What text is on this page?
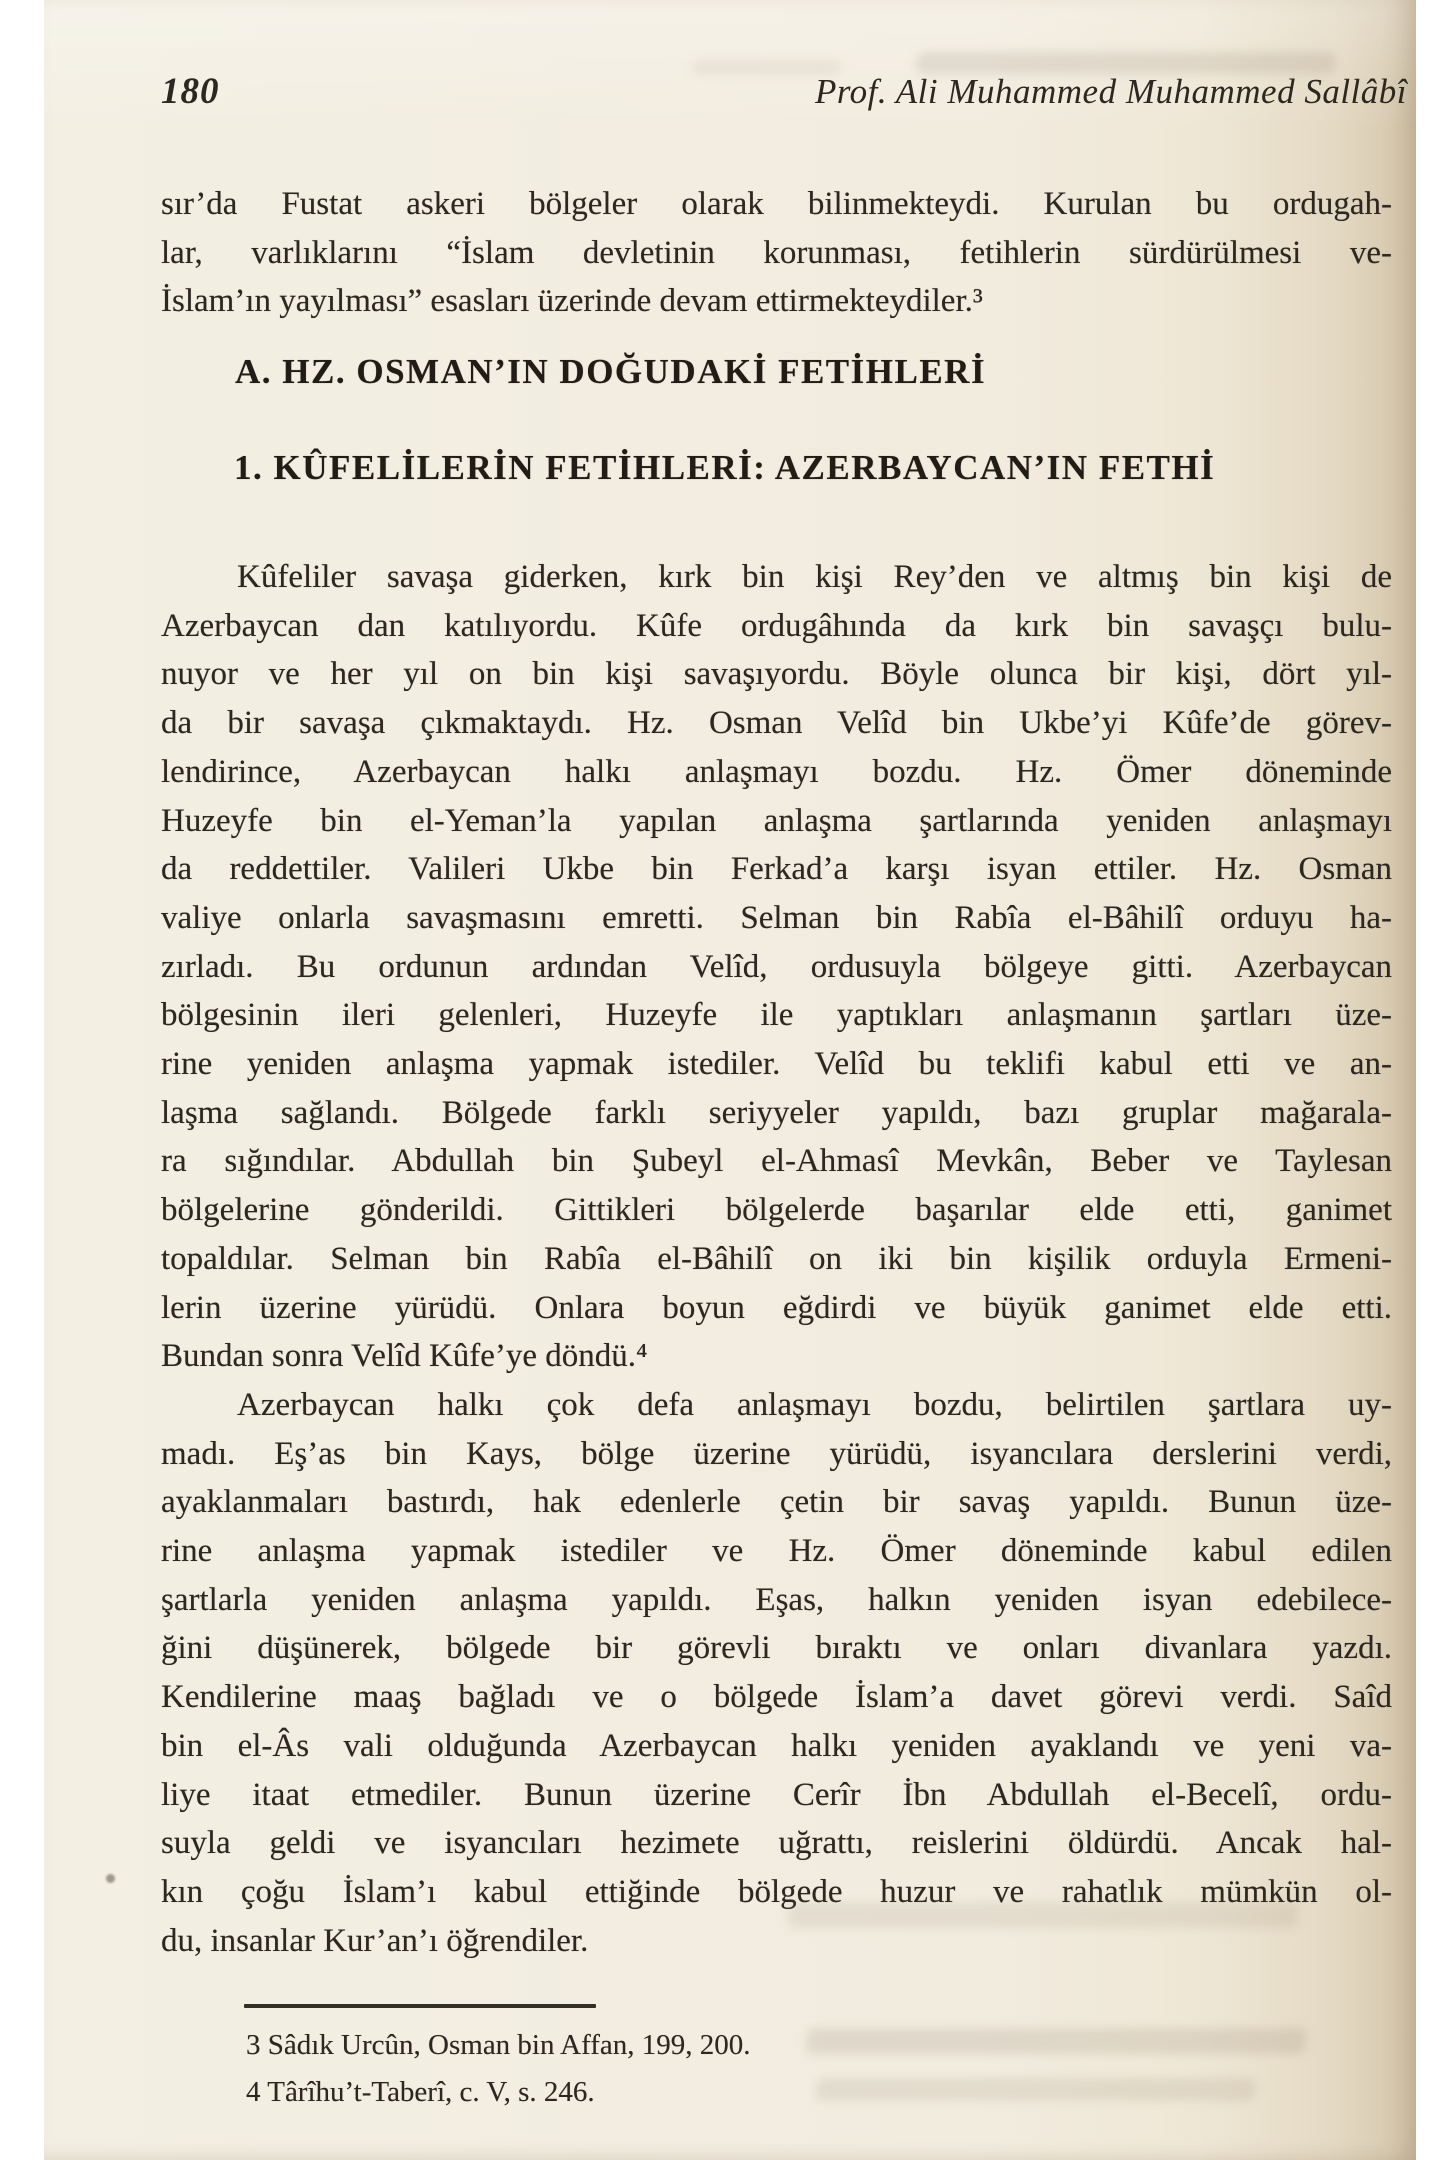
180	Prof. Ali Muhammed Muhammed Sallâbî
sır’da Fustat askeri bölgeler olarak bilinmekteydi. Kurulan bu ordugah-
lar, varlıklarını “İslam devletinin korunması, fetihlerin sürdürülmesi ve-
İslam’ın yayılması” esasları üzerinde devam ettirmekteydiler.³
A. HZ. OSMAN’IN DOĞUDAKİ FETİHLERİ
1. KÛFELİLERİN FETİHLERİ: AZERBAYCAN’IN FETHİ
Kûfeliler savaşa giderken, kırk bin kişi Rey’den ve altmış bin kişi de
Azerbaycan dan katılıyordu. Kûfe ordugâhında da kırk bin savaşçı bulu-
nuyor ve her yıl on bin kişi savaşıyordu. Böyle olunca bir kişi, dört yıl-
da bir savaşa çıkmaktaydı. Hz. Osman Velîd bin Ukbe’yi Kûfe’de görev-
lendirince, Azerbaycan halkı anlaşmayı bozdu. Hz. Ömer döneminde
Huzeyfe bin el-Yeman’la yapılan anlaşma şartlarında yeniden anlaşmayı
da reddettiler. Valileri Ukbe bin Ferkad’a karşı isyan ettiler. Hz. Osman
valiye onlarla savaşmasını emretti. Selman bin Rabîa el-Bâhilî orduyu ha-
zırladı. Bu ordunun ardından Velîd, ordusuyla bölgeye gitti. Azerbaycan
bölgesinin ileri gelenleri, Huzeyfe ile yaptıkları anlaşmanın şartları üze-
rine yeniden anlaşma yapmak istediler. Velîd bu teklifi kabul etti ve an-
laşma sağlandı. Bölgede farklı seriyyeler yapıldı, bazı gruplar mağarala-
ra sığındılar. Abdullah bin Şubeyl el-Ahmasî Mevkân, Beber ve Taylesan
bölgelerine gönderildi. Gittikleri bölgelerde başarılar elde etti, ganimet
topaldılar. Selman bin Rabîa el-Bâhilî on iki bin kişilik orduyla Ermeni-
lerin üzerine yürüdü. Onlara boyun eğdirdi ve büyük ganimet elde etti.
Bundan sonra Velîd Kûfe’ye döndü.⁴
Azerbaycan halkı çok defa anlaşmayı bozdu, belirtilen şartlara uy-
madı. Eş’as bin Kays, bölge üzerine yürüdü, isyancılara derslerini verdi,
ayaklanmaları bastırdı, hak edenlerle çetin bir savaş yapıldı. Bunun üze-
rine anlaşma yapmak istediler ve Hz. Ömer döneminde kabul edilen
şartlarla yeniden anlaşma yapıldı. Eşas, halkın yeniden isyan edebilece-
ğini düşünerek, bölgede bir görevli bıraktı ve onları divanlara yazdı.
Kendilerine maaş bağladı ve o bölgede İslam’a davet görevi verdi. Saîd
bin el-Âs vali olduğunda Azerbaycan halkı yeniden ayaklandı ve yeni va-
liye itaat etmediler. Bunun üzerine Cerîr İbn Abdullah el-Becelî, ordu-
suyla geldi ve isyancıları hezimete uğrattı, reislerini öldürdü. Ancak hal-
kın çoğu İslam’ı kabul ettiğinde bölgede huzur ve rahatlık mümkün ol-
du, insanlar Kur’an’ı öğrendiler.
3 Sâdık Urcûn, Osman bin Affan, 199, 200.
4 Târîhu’t-Taberî, c. V, s. 246.
